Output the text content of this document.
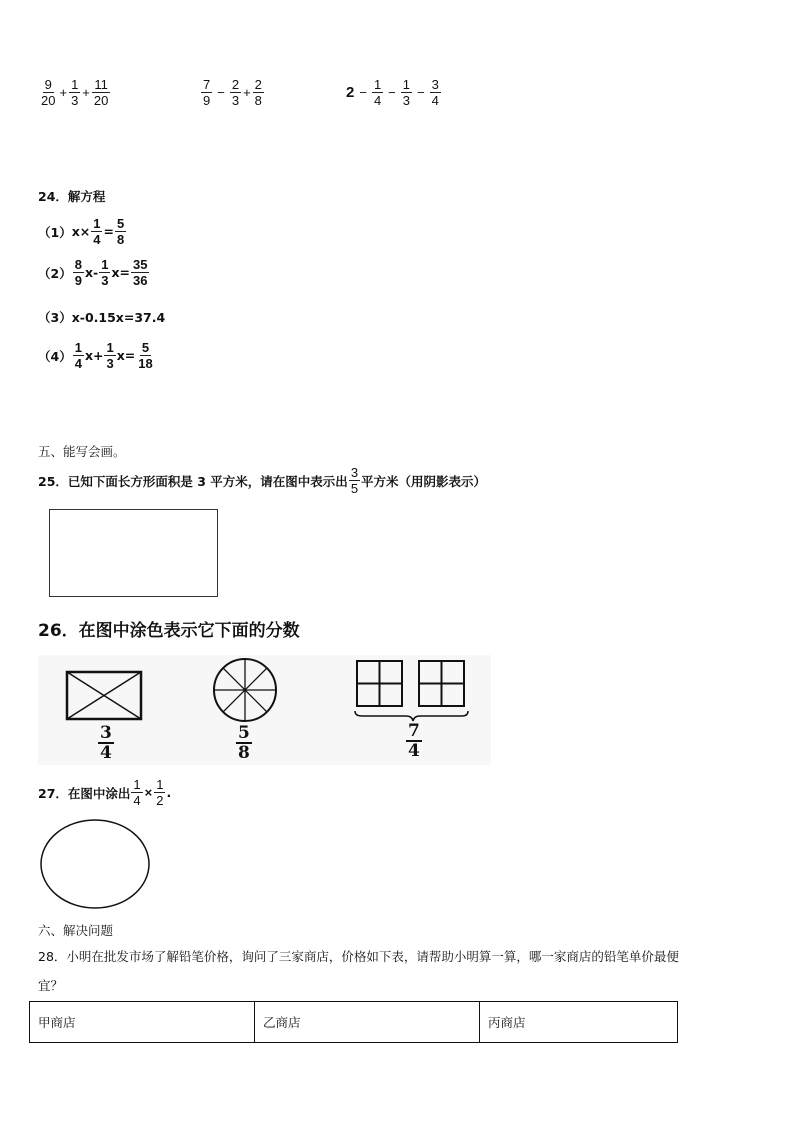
$\frac{9}{20} + \frac{1}{3} + \frac{11}{20}$	$\frac{7}{9} - \frac{2}{3} + \frac{2}{8}$	$2 - \frac{1}{4} - \frac{1}{3} - \frac{3}{4}$
24．解方程
（1） $x\times \frac{1}{4} = \frac{5}{8}$
$(2) \frac{8}{9} x- \frac{1}{3} x= \frac{35}{36}$
（3） x-0.15x=37.4
$(4) \frac{1}{4} x+ \frac{1}{3} x= \frac{5}{18}$
五、能写会画。
25．已知下面长方形面积是 3 平方米，请在图中表示出 $\frac{3}{5}$ 平方米（用阴影表示）
26．在图中涂色表示它下面的分数
$\frac{3}{4}$	$\frac{5}{8}$	$\frac{7}{4}$
27．在图中涂出 $\frac{1}{4} \times \frac{1}{2}$ .
六、解决问题
28．小明在批发市场了解铅笔价格，询问了三家商店，价格如下表，请帮助小明算一算，哪一家商店的铅笔单价最便
宜？
甲商店	乙商店	丙商店
